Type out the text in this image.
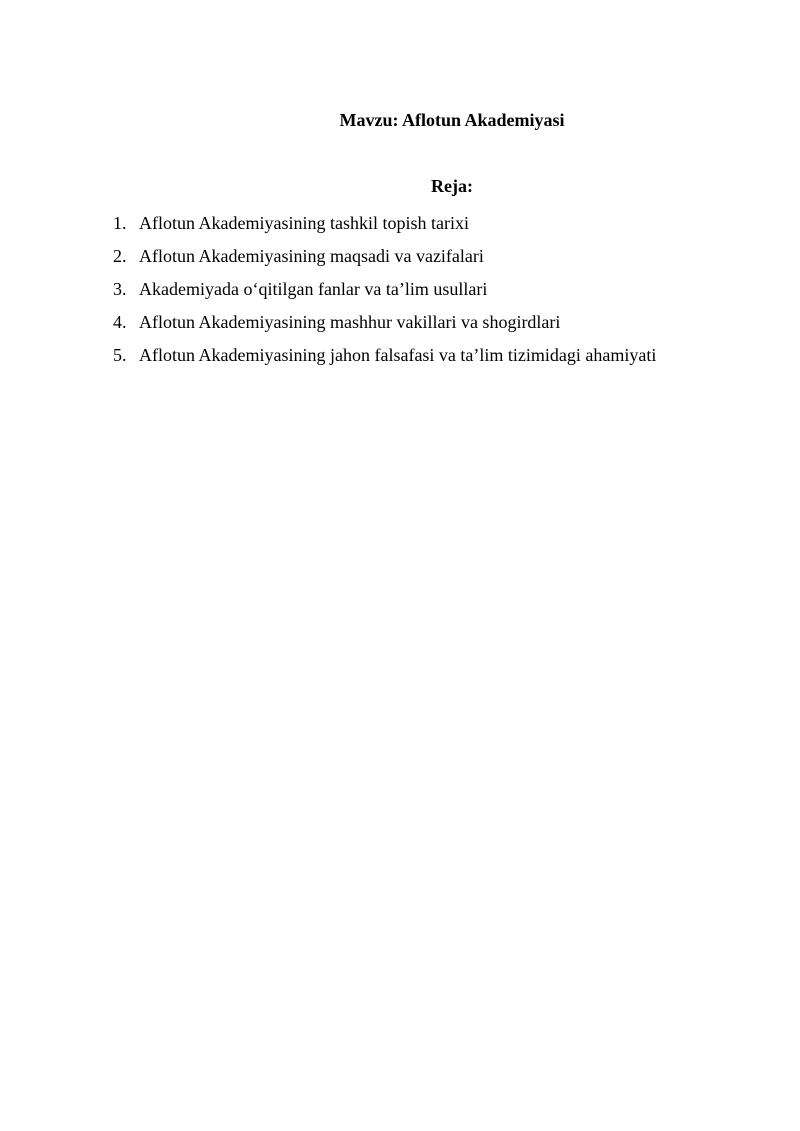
Mavzu: Aflotun Akademiyasi
Reja:
1. Aflotun Akademiyasining tashkil topish tarixi
2. Aflotun Akademiyasining maqsadi va vazifalari
3. Akademiyada oʻqitilgan fanlar va ta’lim usullari
4. Aflotun Akademiyasining mashhur vakillari va shogirdlari
5. Aflotun Akademiyasining jahon falsafasi va ta’lim tizimidagi ahamiyati
